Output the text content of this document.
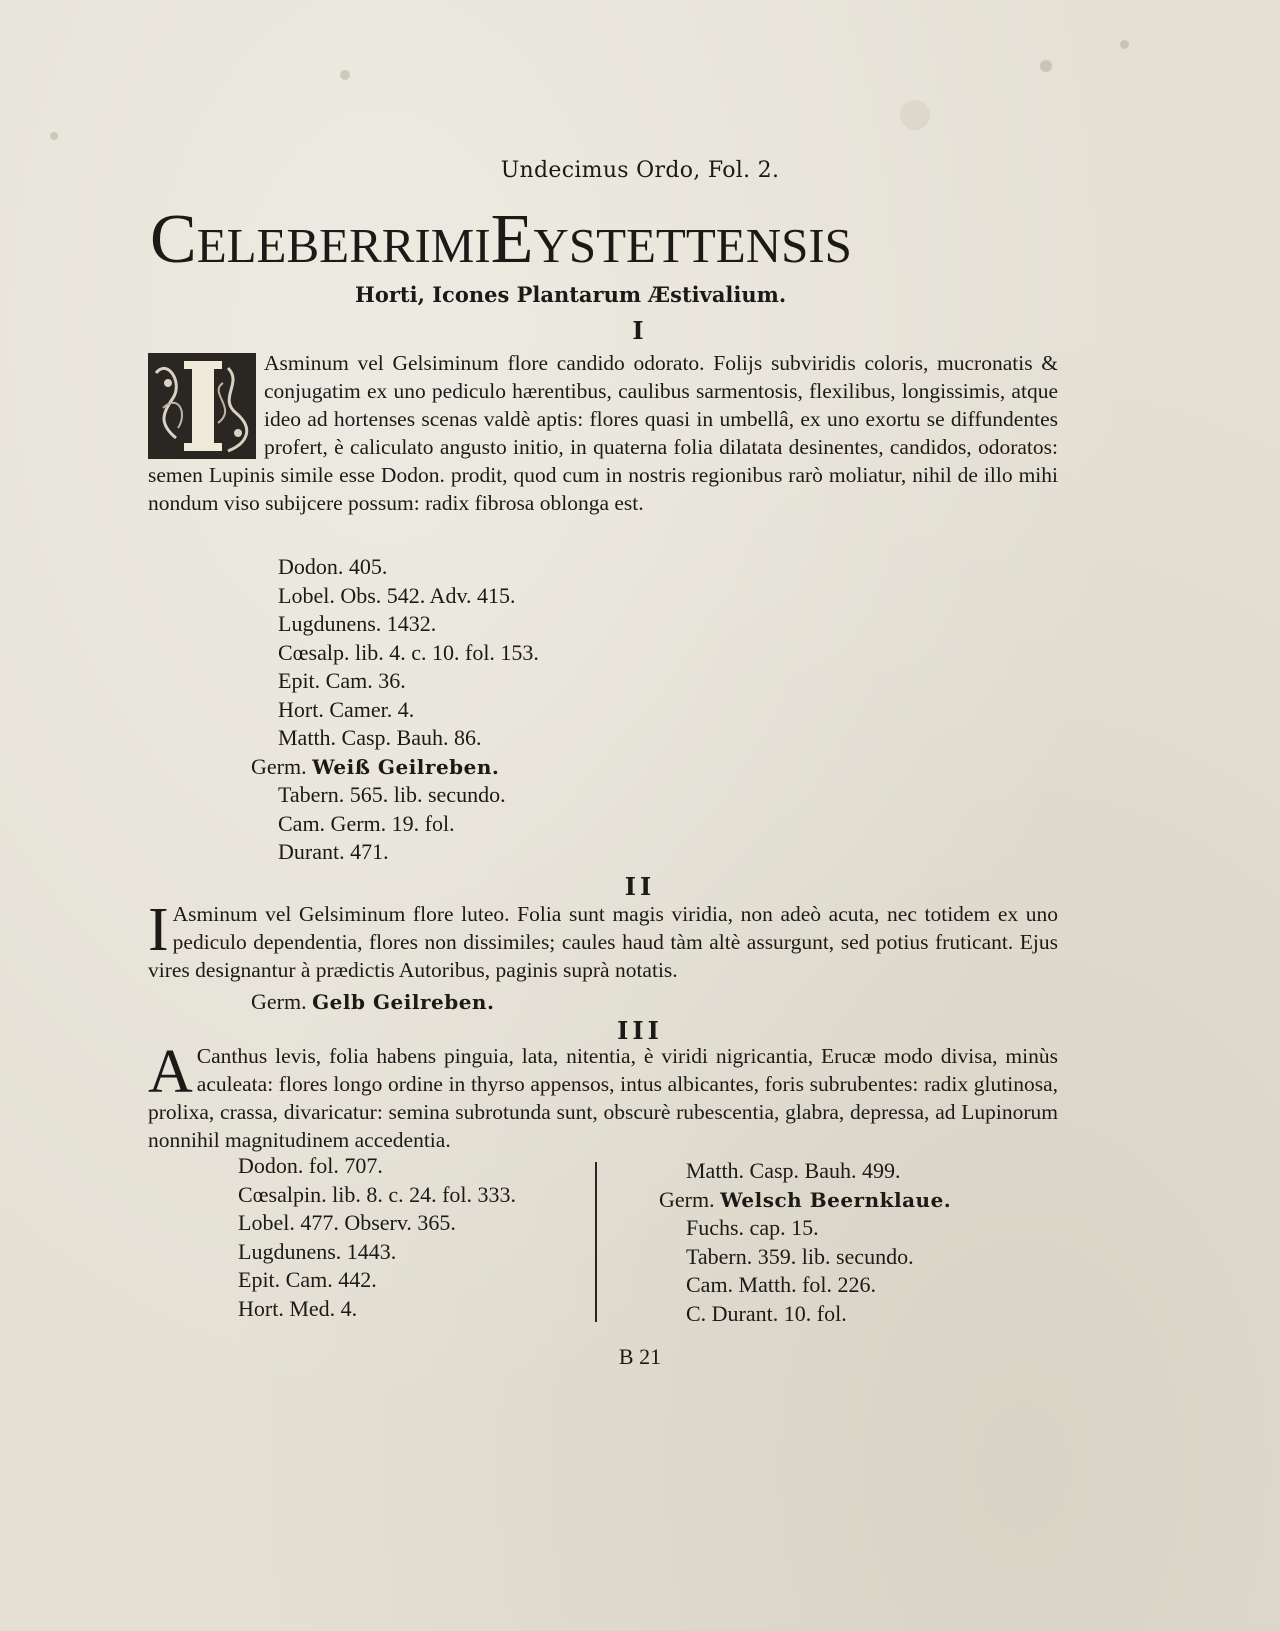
Undecimus Ordo, Fol. 2.
CeleberrimiEystettensis
Horti, Icones Plantarum Æstivalium.
I
Asminum vel Gelsiminum flore candido odorato. Folijs subviridis coloris, mucronatis & conjugatim ex uno pediculo hærentibus, caulibus sarmentosis, flexilibus, longissimis, atque ideo ad hortenses scenas valdè aptis: flores quasi in umbellâ, ex uno exortu se diffundentes profert, è caliculato angusto initio, in quaterna folia dilatata desinentes, candidos, odoratos: semen Lupinis simile esse Dodon. prodit, quod cum in nostris regionibus rarò moliatur, nihil de illo mihi nondum viso subijcere possum: radix fibrosa oblonga est.
Dodon. 405.
Lobel. Obs. 542. Adv. 415.
Lugdunens. 1432.
Cœsalp. lib. 4. c. 10. fol. 153.
Epit. Cam. 36.
Hort. Camer. 4.
Matth. Casp. Bauh. 86.
Germ. Weiß Geilreben.
Tabern. 565. lib. secundo.
Cam. Germ. 19. fol.
Durant. 471.
II
I Asminum vel Gelsiminum flore luteo. Folia sunt magis viridia, non adeò acuta, nec totidem ex uno pediculo dependentia, flores non dissimiles; caules haud tàm altè assurgunt, sed potius fruticant. Ejus vires designantur à prædictis Autoribus, paginis suprà notatis.
Germ. Gelb Geilreben.
III
A Canthus levis, folia habens pinguia, lata, nitentia, è viridi nigricantia, Erucæ modo divisa, minùs aculeata: flores longo ordine in thyrso appensos, intus albicantes, foris subrubentes: radix glutinosa, prolixa, crassa, divaricatur: semina subrotunda sunt, obscurè rubescentia, glabra, depressa, ad Lupinorum nonnihil magnitudinem accedentia.
Dodon. fol. 707.
Cœsalpin. lib. 8. c. 24. fol. 333.
Lobel. 477. Observ. 365.
Lugdunens. 1443.
Epit. Cam. 442.
Hort. Med. 4.
Matth. Casp. Bauh. 499.
Germ. Welsch Beernklaue.
Fuchs. cap. 15.
Tabern. 359. lib. secundo.
Cam. Matth. fol. 226.
C. Durant. 10. fol.
B 21
